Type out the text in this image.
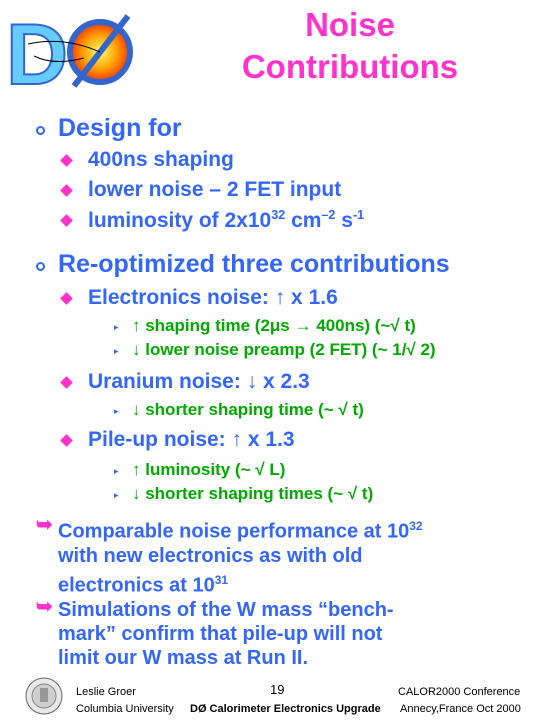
D	Noise
Contributions
Design for
400ns shaping
lower noise – 2 FET input
luminosity of $2x10^{32}$ $cm^{-2}$ $s^{-1}$
Re-optimized three contributions
Electronics noise: ↑ x 1.6
▸ ↑ shaping time (2μs → 400ns) (~√ t)
▸ ↓ lower noise preamp (2 FET) (~ 1/√ 2)
Uranium noise: ↓ x 2.3
▸ ↓ shorter shaping time (~ √ t)
Pile-up noise: ↑ x 1.3
▸ ↑ luminosity (~ √ L)
▸ ↓ shorter shaping times (~ √ t)
➥ Comparable noise performance at $10^{32}$
with new electronics as with old
electronics at $10^{31}$
➥ Simulations of the W mass “bench-
mark” confirm that pile-up will not
limit our W mass at Run II.
Leslie Groer
Columbia University
19
DØ Calorimeter Electronics Upgrade
CALOR2000 Conference
Annecy,France Oct 2000
